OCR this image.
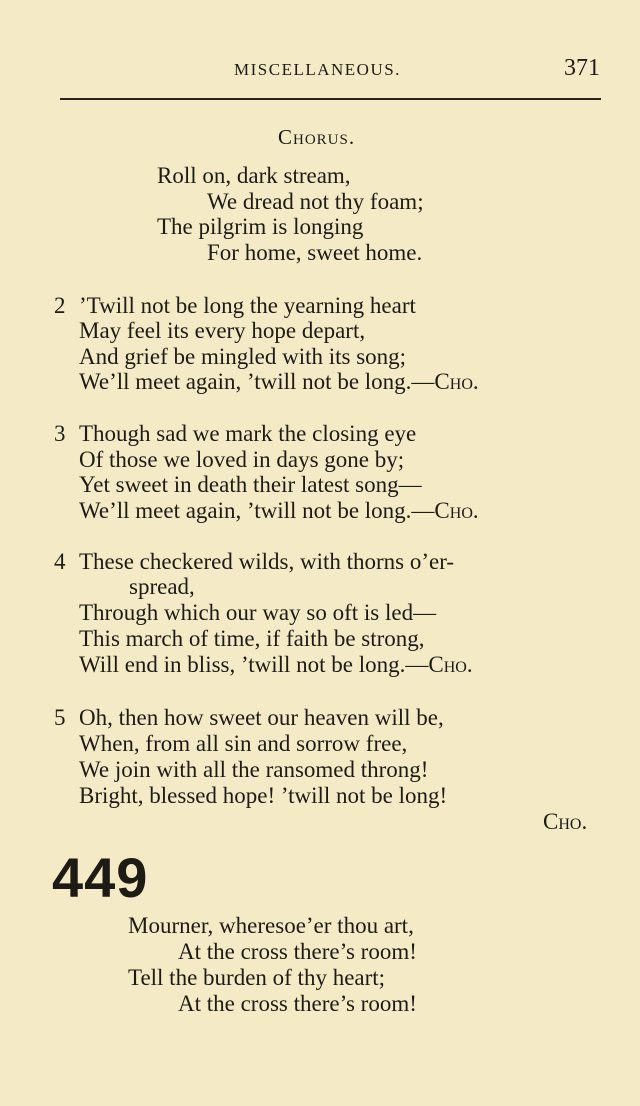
MISCELLANEOUS.	371
Chorus.
Roll on, dark stream,
We dread not thy foam;
The pilgrim is longing
For home, sweet home.
2 ’Twill not be long the yearning heart
May feel its every hope depart,
And grief be mingled with its song;
We’ll meet again, ’twill not be long.—Cho.
3 Though sad we mark the closing eye
Of those we loved in days gone by;
Yet sweet in death their latest song—
We’ll meet again, ’twill not be long.—Cho.
4 These checkered wilds, with thorns o’er-
spread,
Through which our way so oft is led—
This march of time, if faith be strong,
Will end in bliss, ’twill not be long.—Cho.
5 Oh, then how sweet our heaven will be,
When, from all sin and sorrow free,
We join with all the ransomed throng!
Bright, blessed hope! ’twill not be long!
Cho.
449
Mourner, wheresoe’er thou art,
At the cross there’s room!
Tell the burden of thy heart;
At the cross there’s room!
